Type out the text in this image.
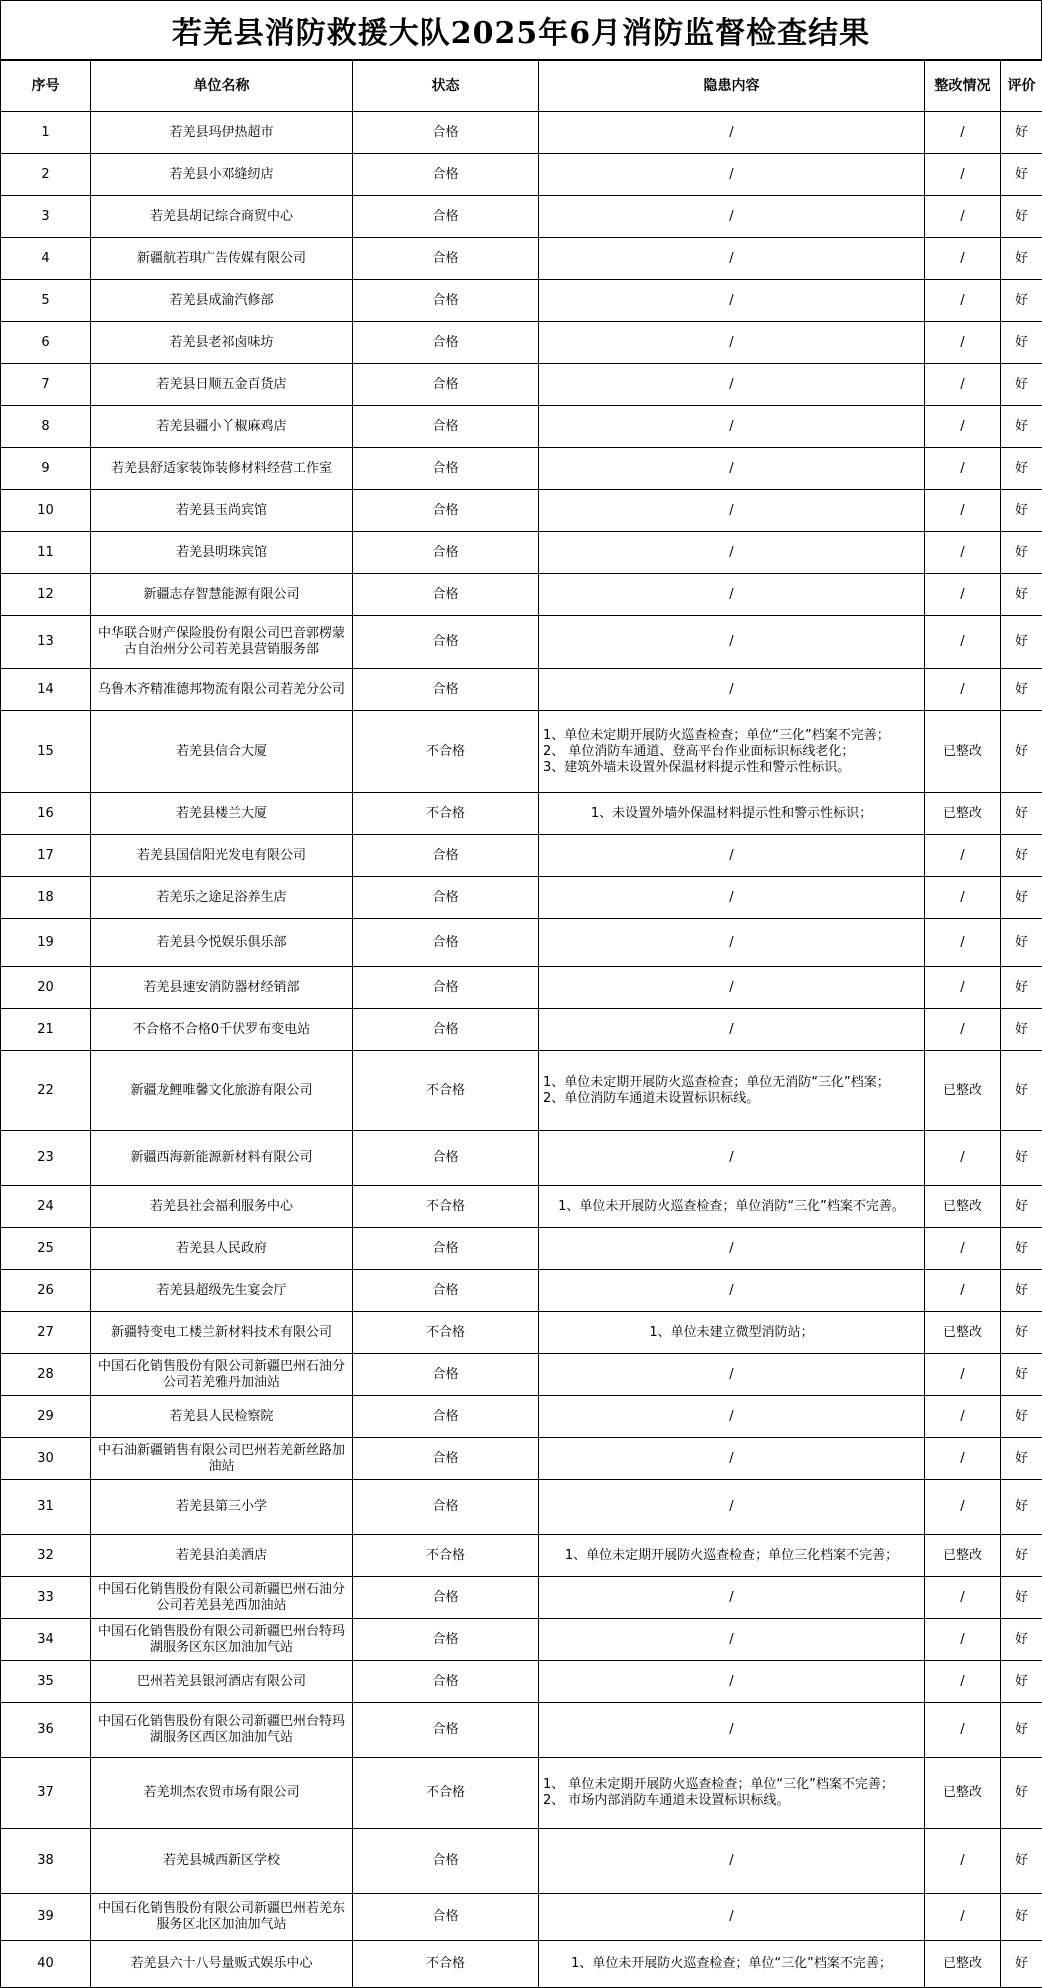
若羌县消防救援大队2025年6月消防监督检查结果
序号	单位名称	状态	隐患内容	整改情况	评价
1	若羌县玛伊热超市	合格	/	/	好
2	若羌县小邓缝纫店	合格	/	/	好
3	若羌县胡记综合商贸中心	合格	/	/	好
4	新疆航若琪广告传媒有限公司	合格	/	/	好
5	若羌县成渝汽修部	合格	/	/	好
6	若羌县老祁卤味坊	合格	/	/	好
7	若羌县日顺五金百货店	合格	/	/	好
8	若羌县疆小丫椒麻鸡店	合格	/	/	好
9	若羌县舒适家装饰装修材料经营工作室	合格	/	/	好
10	若羌县玉尚宾馆	合格	/	/	好
11	若羌县明珠宾馆	合格	/	/	好
12	新疆志存智慧能源有限公司	合格	/	/	好
13	中华联合财产保险股份有限公司巴音郭楞蒙古自治州分公司若羌县营销服务部	合格	/	/	好
14	乌鲁木齐精准德邦物流有限公司若羌分公司	合格	/	/	好
15	若羌县信合大厦	不合格	1、单位未定期开展防火巡查检查；单位“三化”档案不完善；
2、 单位消防车通道、登高平台作业面标识标线老化；
3、建筑外墙未设置外保温材料提示性和警示性标识。	已整改	好
16	若羌县楼兰大厦	不合格	1、未设置外墙外保温材料提示性和警示性标识；	已整改	好
17	若羌县国信阳光发电有限公司	合格	/	/	好
18	若羌乐之途足浴养生店	合格	/	/	好
19	若羌县今悦娱乐俱乐部	合格	/	/	好
20	若羌县速安消防器材经销部	合格	/	/	好
21	不合格不合格0千伏罗布变电站	合格	/	/	好
22	新疆龙鲤唯馨文化旅游有限公司	不合格	1、单位未定期开展防火巡查检查；单位无消防“三化”档案；
2、单位消防车通道未设置标识标线。	已整改	好
23	新疆西海新能源新材料有限公司	合格	/	/	好
24	若羌县社会福利服务中心	不合格	1、单位未开展防火巡查检查；单位消防“三化”档案不完善。	已整改	好
25	若羌县人民政府	合格	/	/	好
26	若羌县超级先生宴会厅	合格	/	/	好
27	新疆特变电工楼兰新材料技术有限公司	不合格	1、单位未建立微型消防站；	已整改	好
28	中国石化销售股份有限公司新疆巴州石油分公司若羌雅丹加油站	合格	/	/	好
29	若羌县人民检察院	合格	/	/	好
30	中石油新疆销售有限公司巴州若羌新丝路加油站	合格	/	/	好
31	若羌县第三小学	合格	/	/	好
32	若羌县泊美酒店	不合格	1、单位未定期开展防火巡查检查；单位三化档案不完善；	已整改	好
33	中国石化销售股份有限公司新疆巴州石油分公司若羌县羌西加油站	合格	/	/	好
34	中国石化销售股份有限公司新疆巴州台特玛湖服务区东区加油加气站	合格	/	/	好
35	巴州若羌县银河酒店有限公司	合格	/	/	好
36	中国石化销售股份有限公司新疆巴州台特玛湖服务区西区加油加气站	合格	/	/	好
37	若羌圳杰农贸市场有限公司	不合格	1、 单位未定期开展防火巡查检查；单位“三化”档案不完善；
2、 市场内部消防车通道未设置标识标线。	已整改	好
38	若羌县城西新区学校	合格	/	/	好
39	中国石化销售股份有限公司新疆巴州若羌东服务区北区加油加气站	合格	/	/	好
40	若羌县六十八号量贩式娱乐中心	不合格	1、单位未开展防火巡查检查；单位“三化”档案不完善；	已整改	好
